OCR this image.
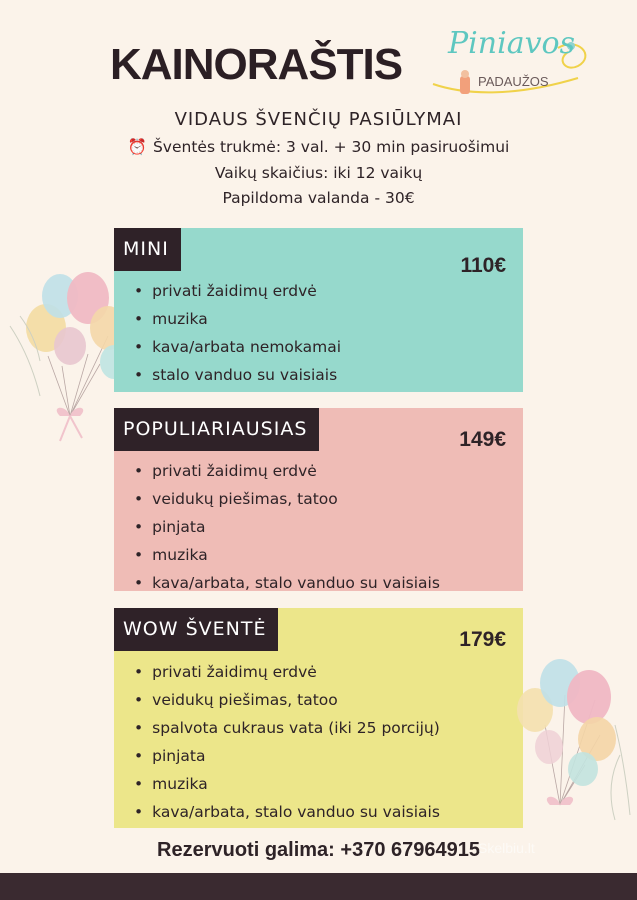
KAINORAŠTIS Piniavos
PADAUŽOS
VIDAUS ŠVENČIŲ PASIŪLYMAI
⏰ Šventės trukmė: 3 val. + 30 min pasiruošimui
Vaikų skaičius: iki 12 vaikų
Papildoma valanda - 30€
MINI
110€
• privati žaidimų erdvė
• muzika
• kava/arbata nemokamai
• stalo vanduo su vaisiais
POPULIARIAUSIAS	149€
• privati žaidimų erdvė
• veidukų piešimas, tatoo
• pinjata
• muzika
• kava/arbata, stalo vanduo su vaisiais
WOW ŠVENTĖ	179€
• privati žaidimų erdvė
• veidukų piešimas, tatoo
• spalvota cukraus vata (iki 25 porcijų)
• pinjata
• muzika
• kava/arbata, stalo vanduo su vaisiais
Rezervuoti galima: +370 67964915
Skelbiu.lt
